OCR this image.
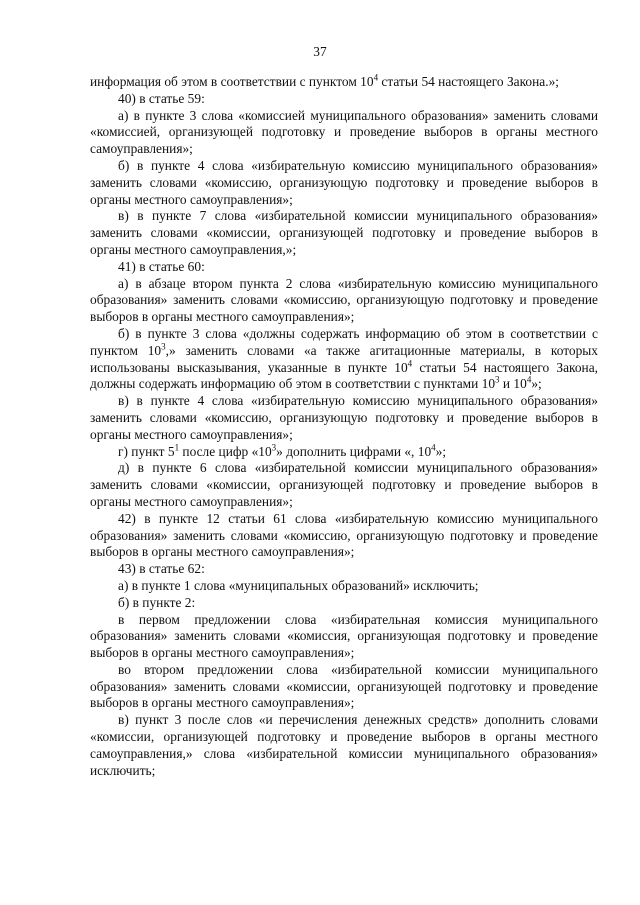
37

информация об этом в соответствии с пунктом $10^4$ статьи 54 настоящего Закона.»;

40) в статье 59:

а) в пункте 3 слова «комиссией муниципального образования» заменить словами «комиссией, организующей подготовку и проведение выборов в органы местного самоуправления»;

б) в пункте 4 слова «избирательную комиссию муниципального образования» заменить словами «комиссию, организующую подготовку и проведение выборов в органы местного самоуправления»;

в) в пункте 7 слова «избирательной комиссии муниципального образования» заменить словами «комиссии, организующей подготовку и проведение выборов в органы местного самоуправления,»;

41) в статье 60:

а) в абзаце втором пункта 2 слова «избирательную комиссию муниципального образования» заменить словами «комиссию, организующую подготовку и проведение выборов в органы местного самоуправления»;

б) в пункте 3 слова «должны содержать информацию об этом в соответствии с пунктом $10^3$,» заменить словами «а также агитационные материалы, в которых использованы высказывания, указанные в пункте $10^4$ статьи 54 настоящего Закона, должны содержать информацию об этом в соответствии с пунктами $10^3$ и $10^4$»;

в) в пункте 4 слова «избирательную комиссию муниципального образования» заменить словами «комиссию, организующую подготовку и проведение выборов в органы местного самоуправления»;

г) пункт $5^1$ после цифр «$10^3$» дополнить цифрами «, $10^4$»;

д) в пункте 6 слова «избирательной комиссии муниципального образования» заменить словами «комиссии, организующей подготовку и проведение выборов в органы местного самоуправления»;

42) в пункте 12 статьи 61 слова «избирательную комиссию муниципального образования» заменить словами «комиссию, организующую подготовку и проведение выборов в органы местного самоуправления»;

43) в статье 62:

а) в пункте 1 слова «муниципальных образований» исключить;

б) в пункте 2:

в первом предложении слова «избирательная комиссия муниципального образования» заменить словами «комиссия, организующая подготовку и проведение выборов в органы местного самоуправления»;

во втором предложении слова «избирательной комиссии муниципального образования» заменить словами «комиссии, организующей подготовку и проведение выборов в органы местного самоуправления»;

в) пункт 3 после слов «и перечисления денежных средств» дополнить словами «комиссии, организующей подготовку и проведение выборов в органы местного самоуправления,» слова «избирательной комиссии муниципального образования» исключить;
